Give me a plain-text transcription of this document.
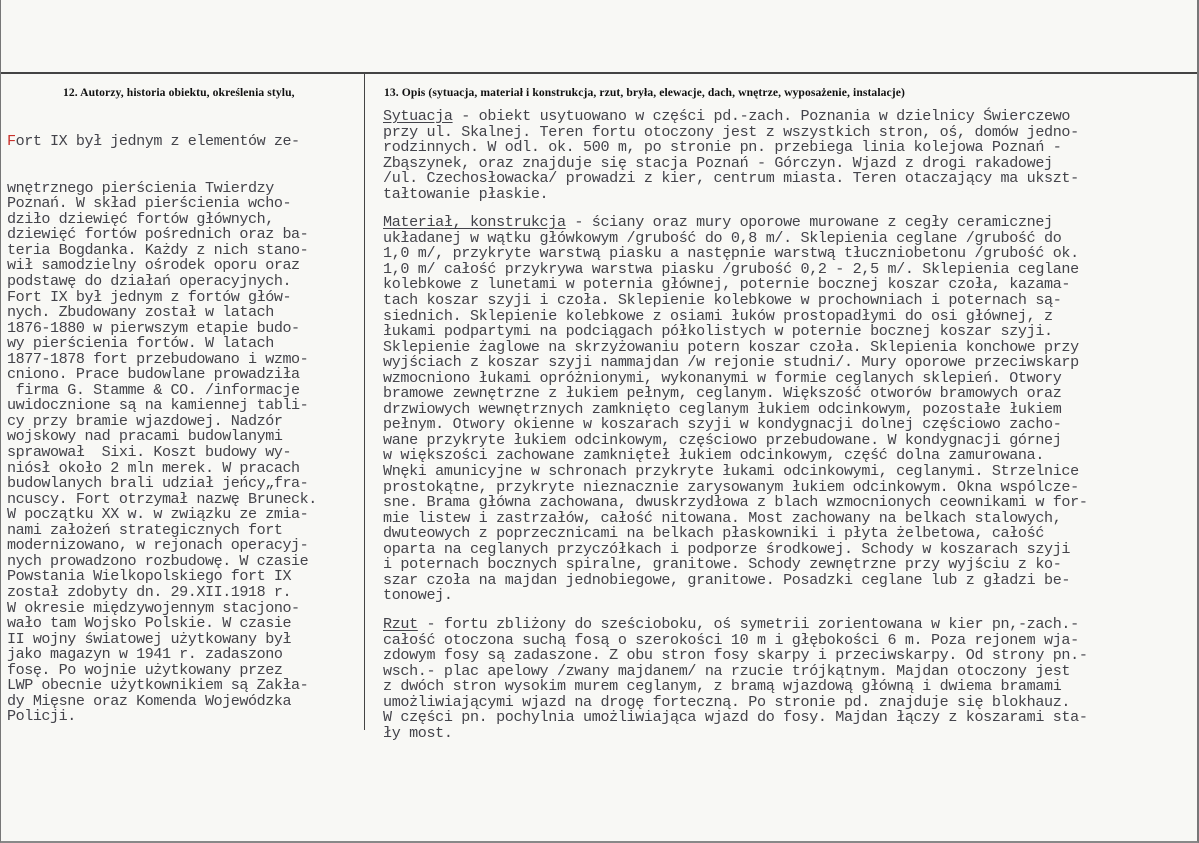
12. Autorzy, historia obiektu, określenia stylu,	13. Opis (sytuacja, materiał i konstrukcja, rzut, bryła, elewacje, dach, wnętrze, wyposażenie, instalacje)

Fort IX był jednym z elementów ze-

wnętrznego pierścienia Twierdzy
Poznań. W skład pierścienia wcho-
dziło dziewięć fortów głównych,
dziewięć fortów pośrednich oraz ba-
teria Bogdanka. Każdy z nich stano-
wił samodzielny ośrodek oporu oraz
podstawę do działań operacyjnych.
Fort IX był jednym z fortów głów-
nych. Zbudowany został w latach
1876-1880 w pierwszym etapie budo-
wy pierścienia fortów. W latach
1877-1878 fort przebudowano i wzmo-
cniono. Prace budowlane prowadziła
firma G. Stamme & CO. /informacje
uwidocznione są na kamiennej tabli-
cy przy bramie wjazdowej. Nadzór
wojskowy nad pracami budowlanymi
sprawował  Sixi. Koszt budowy wy-
niósł około 2 mln merek. W pracach
budowlanych brali udział jeńcy„fra-
ncuscy. Fort otrzymał nazwę Bruneck.
W początku XX w. w związku ze zmia-
nami założeń strategicznych fort
modernizowano, w rejonach operacyj-
nych prowadzono rozbudowę. W czasie
Powstania Wielkopolskiego fort IX
został zdobyty dn. 29.XII.1918 r.
W okresie międzywojennym stacjono-
wało tam Wojsko Polskie. W czasie
II wojny światowej użytkowany był
jako magazyn w 1941 r. zadaszono
fosę. Po wojnie użytkowany przez
LWP obecnie użytkownikiem są Zakła-
dy Mięsne oraz Komenda Wojewódzka
Policji.

Sytuacja - obiekt usytuowano w części pd.-zach. Poznania w dzielnicy Świerczewo
przy ul. Skalnej. Teren fortu otoczony jest z wszystkich stron, oś, domów jedno-
rodzinnych. W odl. ok. 500 m, po stronie pn. przebiega linia kolejowa Poznań -
Zbąszynek, oraz znajduje się stacja Poznań - Górczyn. Wjazd z drogi rakadowej
/ul. Czechosłowacka/ prowadzi z kier, centrum miasta. Teren otaczający ma ukszt-
tałtowanie płaskie.
Materiał, konstrukcja - ściany oraz mury oporowe murowane z cegły ceramicznej
układanej w wątku główkowym /grubość do 0,8 m/. Sklepienia ceglane /grubość do
1,0 m/, przykryte warstwą piasku a następnie warstwą tłuczniobetonu /grubość ok.
1,0 m/ całość przykrywa warstwa piasku /grubość 0,2 - 2,5 m/. Sklepienia ceglane
kolebkowe z lunetami w poternia głównej, poternie bocznej koszar czoła, kazama-
tach koszar szyji i czoła. Sklepienie kolebkowe w prochowniach i poternach są-
siednich. Sklepienie kolebkowe z osiami łuków prostopadłymi do osi głównej, z
łukami podpartymi na podciągach półkolistych w poternie bocznej koszar szyji.
Sklepienie żaglowe na skrzyżowaniu potern koszar czoła. Sklepienia konchowe przy
wyjściach z koszar szyji nammajdan /w rejonie studni/. Mury oporowe przeciwskarp
wzmocniono łukami opróżnionymi, wykonanymi w formie ceglanych sklepień. Otwory
bramowe zewnętrzne z łukiem pełnym, ceglanym. Większość otworów bramowych oraz
drzwiowych wewnętrznych zamknięto ceglanym łukiem odcinkowym, pozostałe łukiem
pełnym. Otwory okienne w koszarach szyji w kondygnacji dolnej częściowo zacho-
wane przykryte łukiem odcinkowym, częściowo przebudowane. W kondygnacji górnej
w większości zachowane zamknięteł łukiem odcinkowym, część dolna zamurowana.
Wnęki amunicyjne w schronach przykryte łukami odcinkowymi, ceglanymi. Strzelnice
prostokątne, przykryte nieznacznie zarysowanym łukiem odcinkowym. Okna wspólcze-
sne. Brama główna zachowana, dwuskrzydłowa z blach wzmocnionych ceownikami w for-
mie listew i zastrzałów, całość nitowana. Most zachowany na belkach stalowych,
dwuteowych z poprzecznicami na belkach płaskowniki i płyta żelbetowa, całość
oparta na ceglanych przyczółkach i podporze środkowej. Schody w koszarach szyji
i poternach bocznych spiralne, granitowe. Schody zewnętrzne przy wyjściu z ko-
szar czoła na majdan jednobiegowe, granitowe. Posadzki ceglane lub z gładzi be-
tonowej.
Rzut - fortu zbliżony do sześcioboku, oś symetrii zorientowana w kier pn,-zach.-
całość otoczona suchą fosą o szerokości 10 m i głębokości 6 m. Poza rejonem wja-
zdowym fosy są zadaszone. Z obu stron fosy skarpy i przeciwskarpy. Od strony pn.-
wsch.- plac apelowy /zwany majdanem/ na rzucie trójkątnym. Majdan otoczony jest
z dwóch stron wysokim murem ceglanym, z bramą wjazdową główną i dwiema bramami
umożliwiającymi wjazd na drogę forteczną. Po stronie pd. znajduje się blokhauz.
W części pn. pochylnia umożliwiająca wjazd do fosy. Majdan łączy z koszarami sta-
ły most.
